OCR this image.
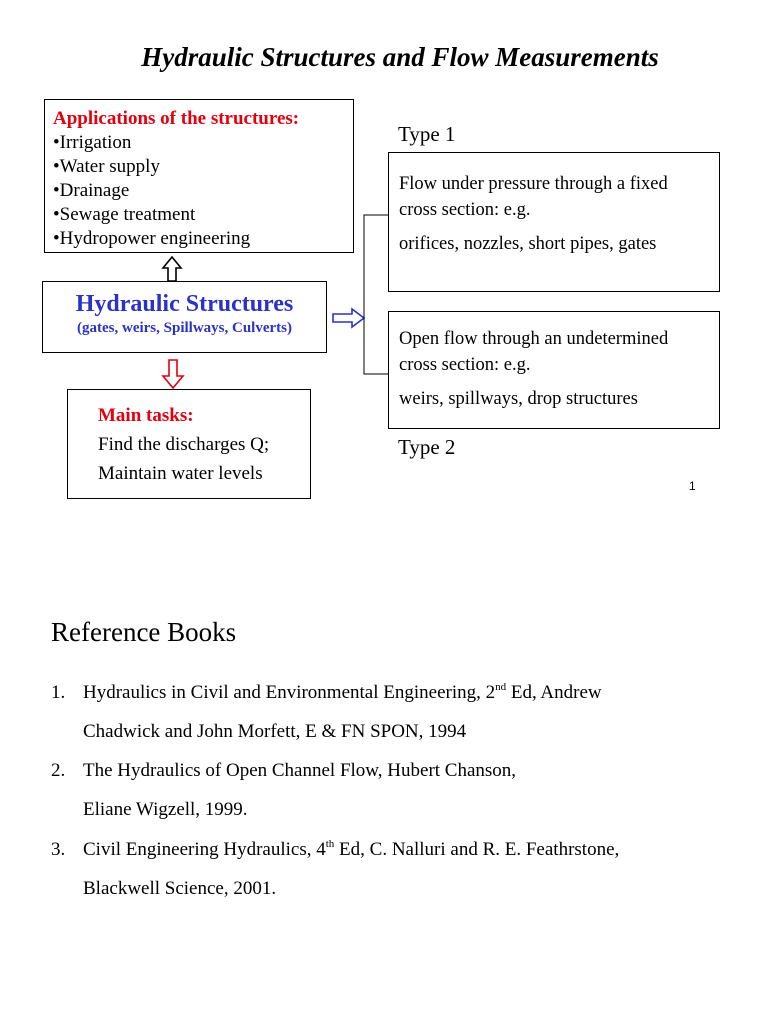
Hydraulic Structures and Flow Measurements
Applications of the structures:
•Irrigation
•Water supply
•Drainage
•Sewage treatment
•Hydropower engineering
Hydraulic Structures
(gates, weirs, Spillways, Culverts)
Main tasks:
Find the discharges Q;
Maintain water levels
Type 1
Flow under pressure through a fixed
cross section: e.g.
orifices, nozzles, short pipes, gates
Open flow through an undetermined
cross section: e.g.
weirs, spillways, drop structures
Type 2
1
Reference Books
1. Hydraulics in Civil and Environmental Engineering, 2nd Ed, Andrew
Chadwick and John Morfett, E & FN SPON, 1994
2. The Hydraulics of Open Channel Flow, Hubert Chanson,
Eliane Wigzell, 1999.
3. Civil Engineering Hydraulics, 4th Ed, C. Nalluri and R. E. Feathrstone,
Blackwell Science, 2001.
